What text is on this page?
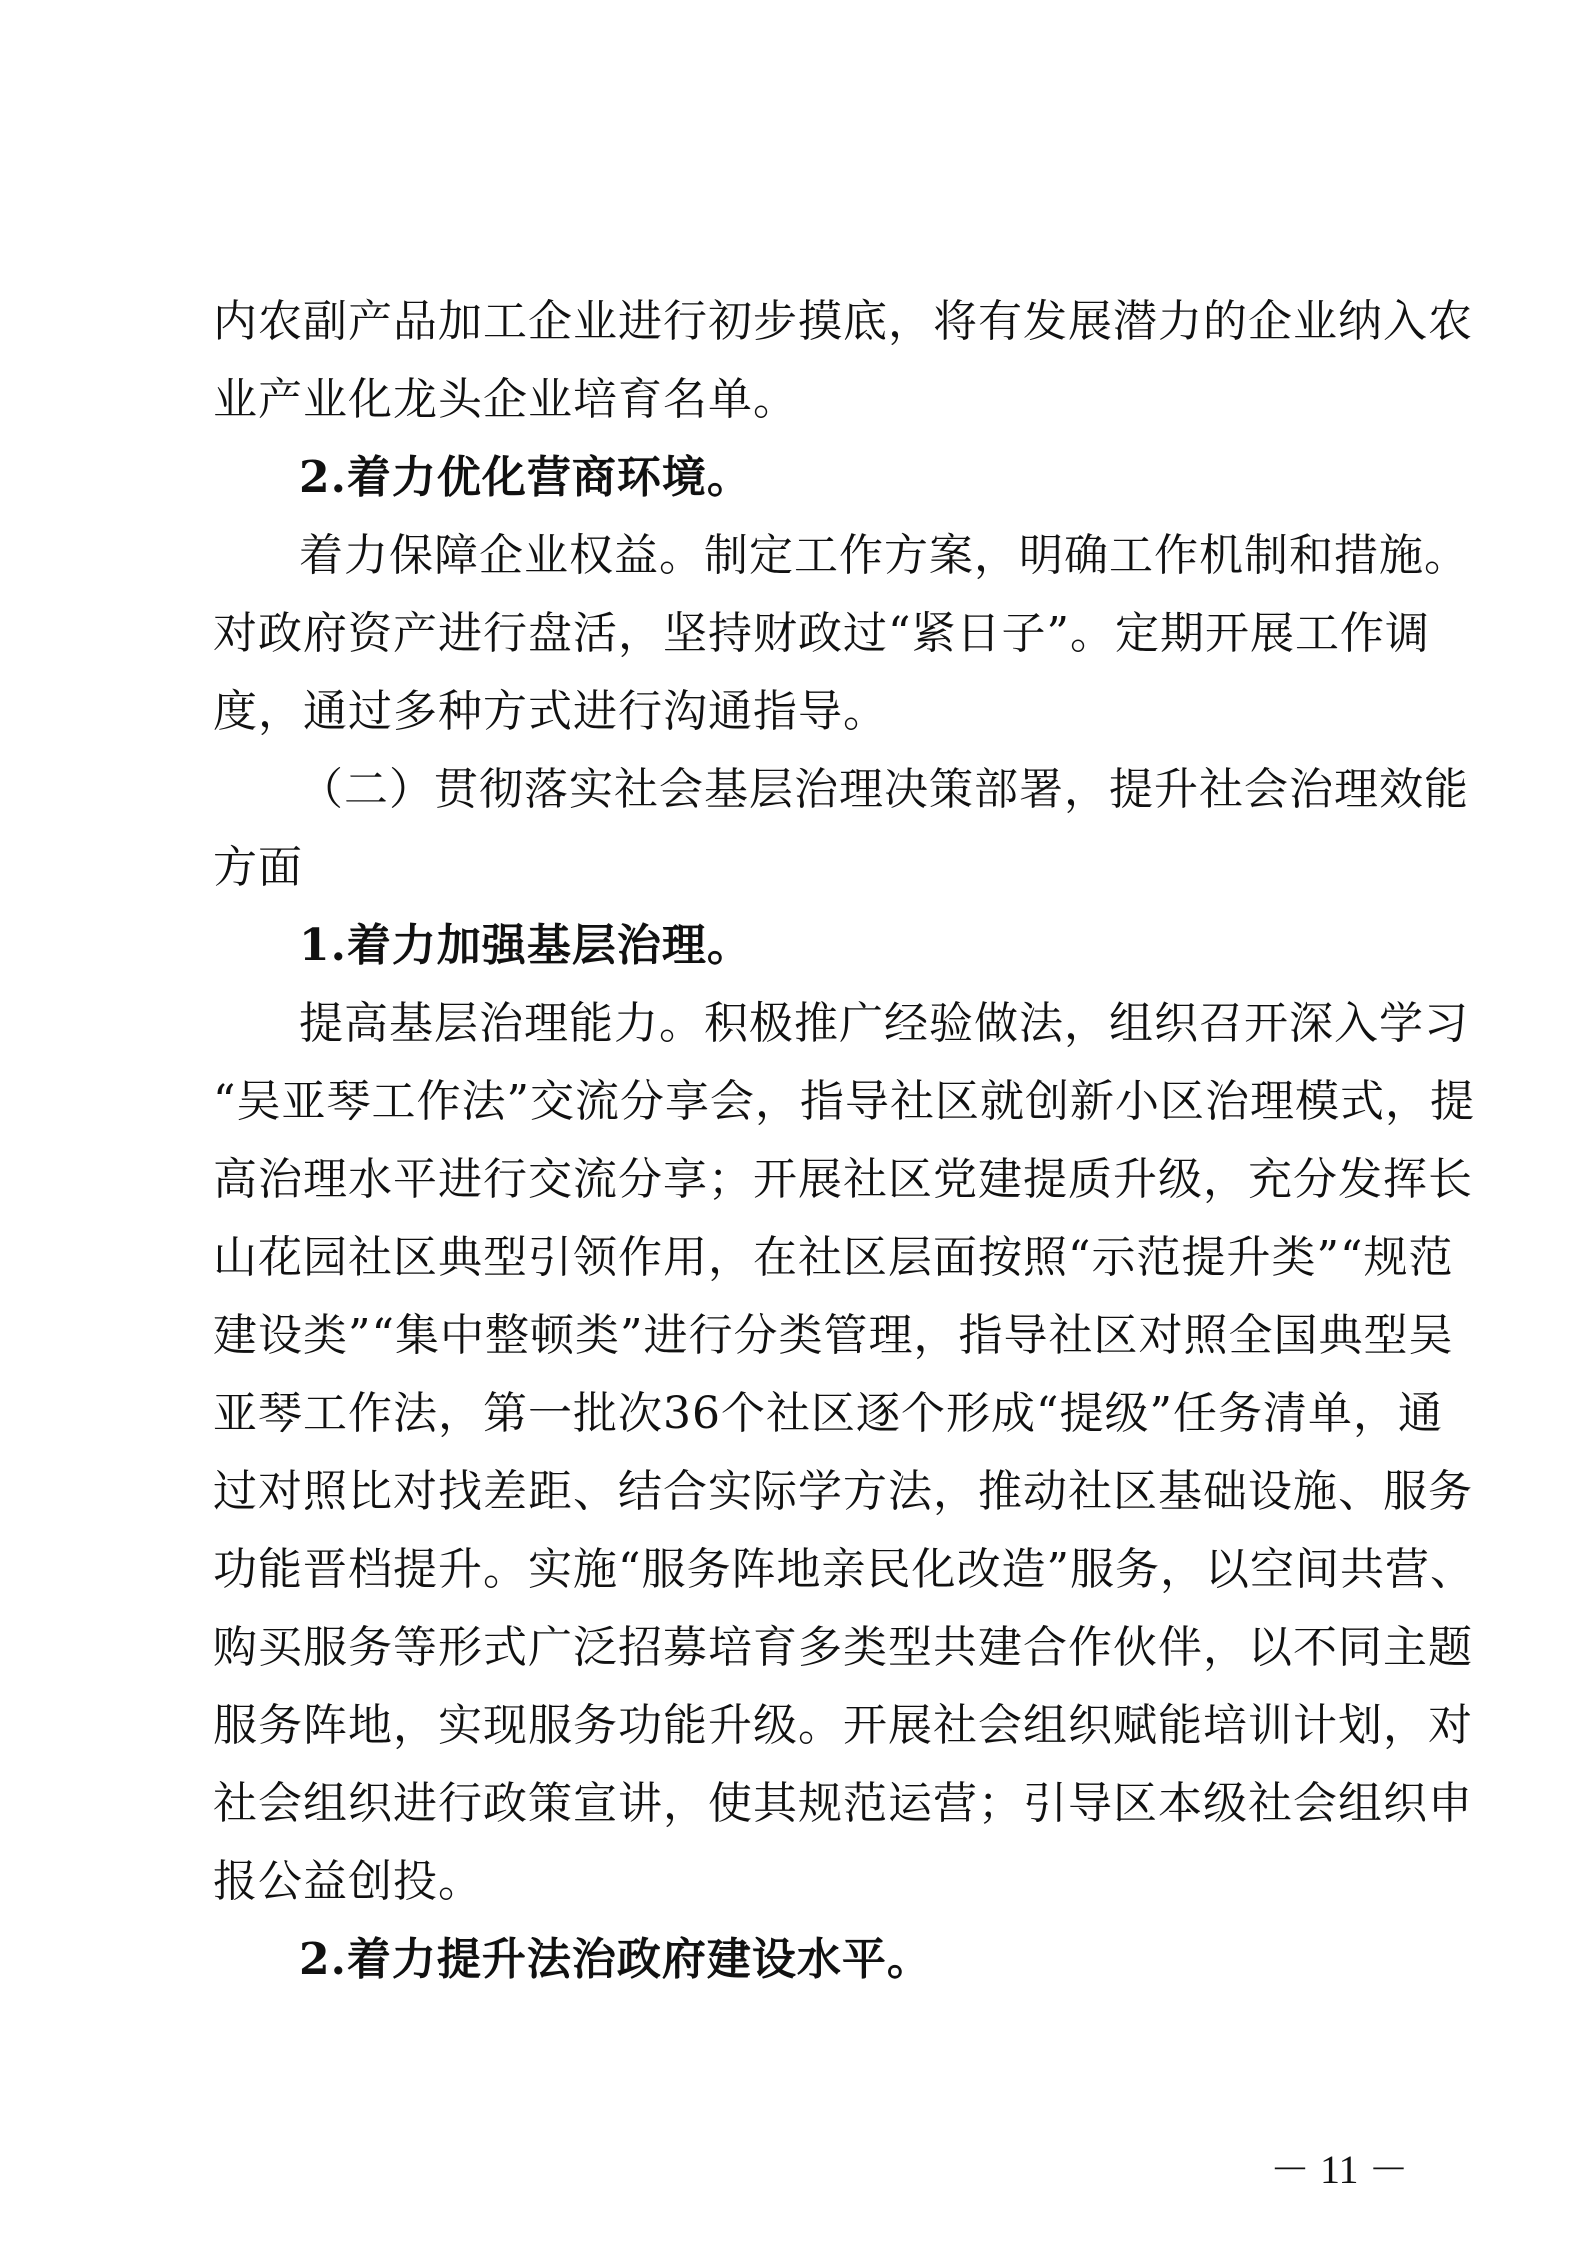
内农副产品加工企业进行初步摸底，将有发展潜力的企业纳入农
业产业化龙头企业培育名单。
2.着力优化营商环境。
着力保障企业权益。制定工作方案，明确工作机制和措施。
对政府资产进行盘活，坚持财政过“紧日子”。定期开展工作调
度，通过多种方式进行沟通指导。
（二）贯彻落实社会基层治理决策部署，提升社会治理效能
方面
1.着力加强基层治理。
提高基层治理能力。积极推广经验做法，组织召开深入学习
“吴亚琴工作法”交流分享会，指导社区就创新小区治理模式，提
高治理水平进行交流分享；开展社区党建提质升级，充分发挥长
山花园社区典型引领作用，在社区层面按照“示范提升类”“规范
建设类”“集中整顿类”进行分类管理，指导社区对照全国典型吴
亚琴工作法，第一批次36个社区逐个形成“提级”任务清单，通
过对照比对找差距、结合实际学方法，推动社区基础设施、服务
功能晋档提升。实施“服务阵地亲民化改造”服务，以空间共营、
购买服务等形式广泛招募培育多类型共建合作伙伴，以不同主题
服务阵地，实现服务功能升级。开展社会组织赋能培训计划，对
社会组织进行政策宣讲，使其规范运营；引导区本级社会组织申
报公益创投。
2.着力提升法治政府建设水平。
－ 11 －
